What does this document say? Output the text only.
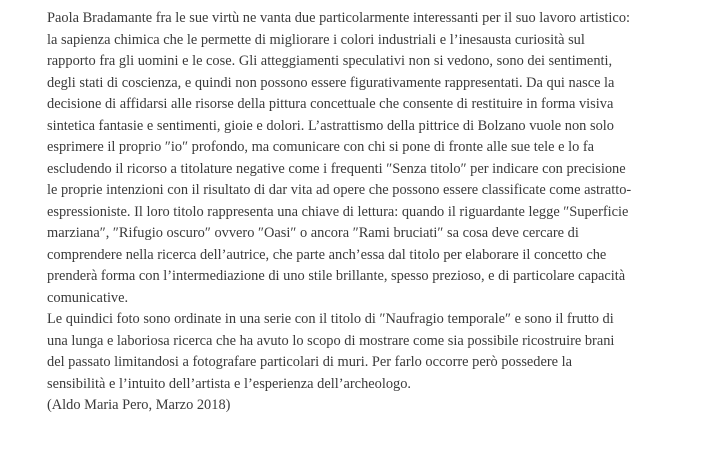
Paola Bradamante fra le sue virtù ne vanta due particolarmente interessanti per il suo lavoro artistico:
la sapienza chimica che le permette di migliorare i colori industriali e l’inesausta curiosità sul
rapporto fra gli uomini e le cose. Gli atteggiamenti speculativi non si vedono, sono dei sentimenti,
degli stati di coscienza, e quindi non possono essere figurativamente rappresentati. Da qui nasce la
decisione di affidarsi alle risorse della pittura concettuale che consente di restituire in forma visiva
sintetica fantasie e sentimenti, gioie e dolori. L’astrattismo della pittrice di Bolzano vuole non solo
esprimere il proprio ″io″ profondo, ma comunicare con chi si pone di fronte alle sue tele e lo fa
escludendo il ricorso a titolature negative come i frequenti ″Senza titolo″ per indicare con precisione
le proprie intenzioni con il risultato di dar vita ad opere che possono essere classificate come astratto-
espressioniste. Il loro titolo rappresenta una chiave di lettura: quando il riguardante legge ″Superficie
marziana″, ″Rifugio oscuro″ ovvero ″Oasi″ o ancora ″Rami bruciati″ sa cosa deve cercare di
comprendere nella ricerca dell’autrice, che parte anch’essa dal titolo per elaborare il concetto che
prenderà forma con l’intermediazione di uno stile brillante, spesso prezioso, e di particolare capacità
comunicative.

Le quindici foto sono ordinate in una serie con il titolo di ″Naufragio temporale″ e sono il frutto di
una lunga e laboriosa ricerca che ha avuto lo scopo di mostrare come sia possibile ricostruire brani
del passato limitandosi a fotografare particolari di muri. Per farlo occorre però possedere la
sensibilità e l’intuito dell’artista e l’esperienza dell’archeologo.

(Aldo Maria Pero, Marzo 2018)
